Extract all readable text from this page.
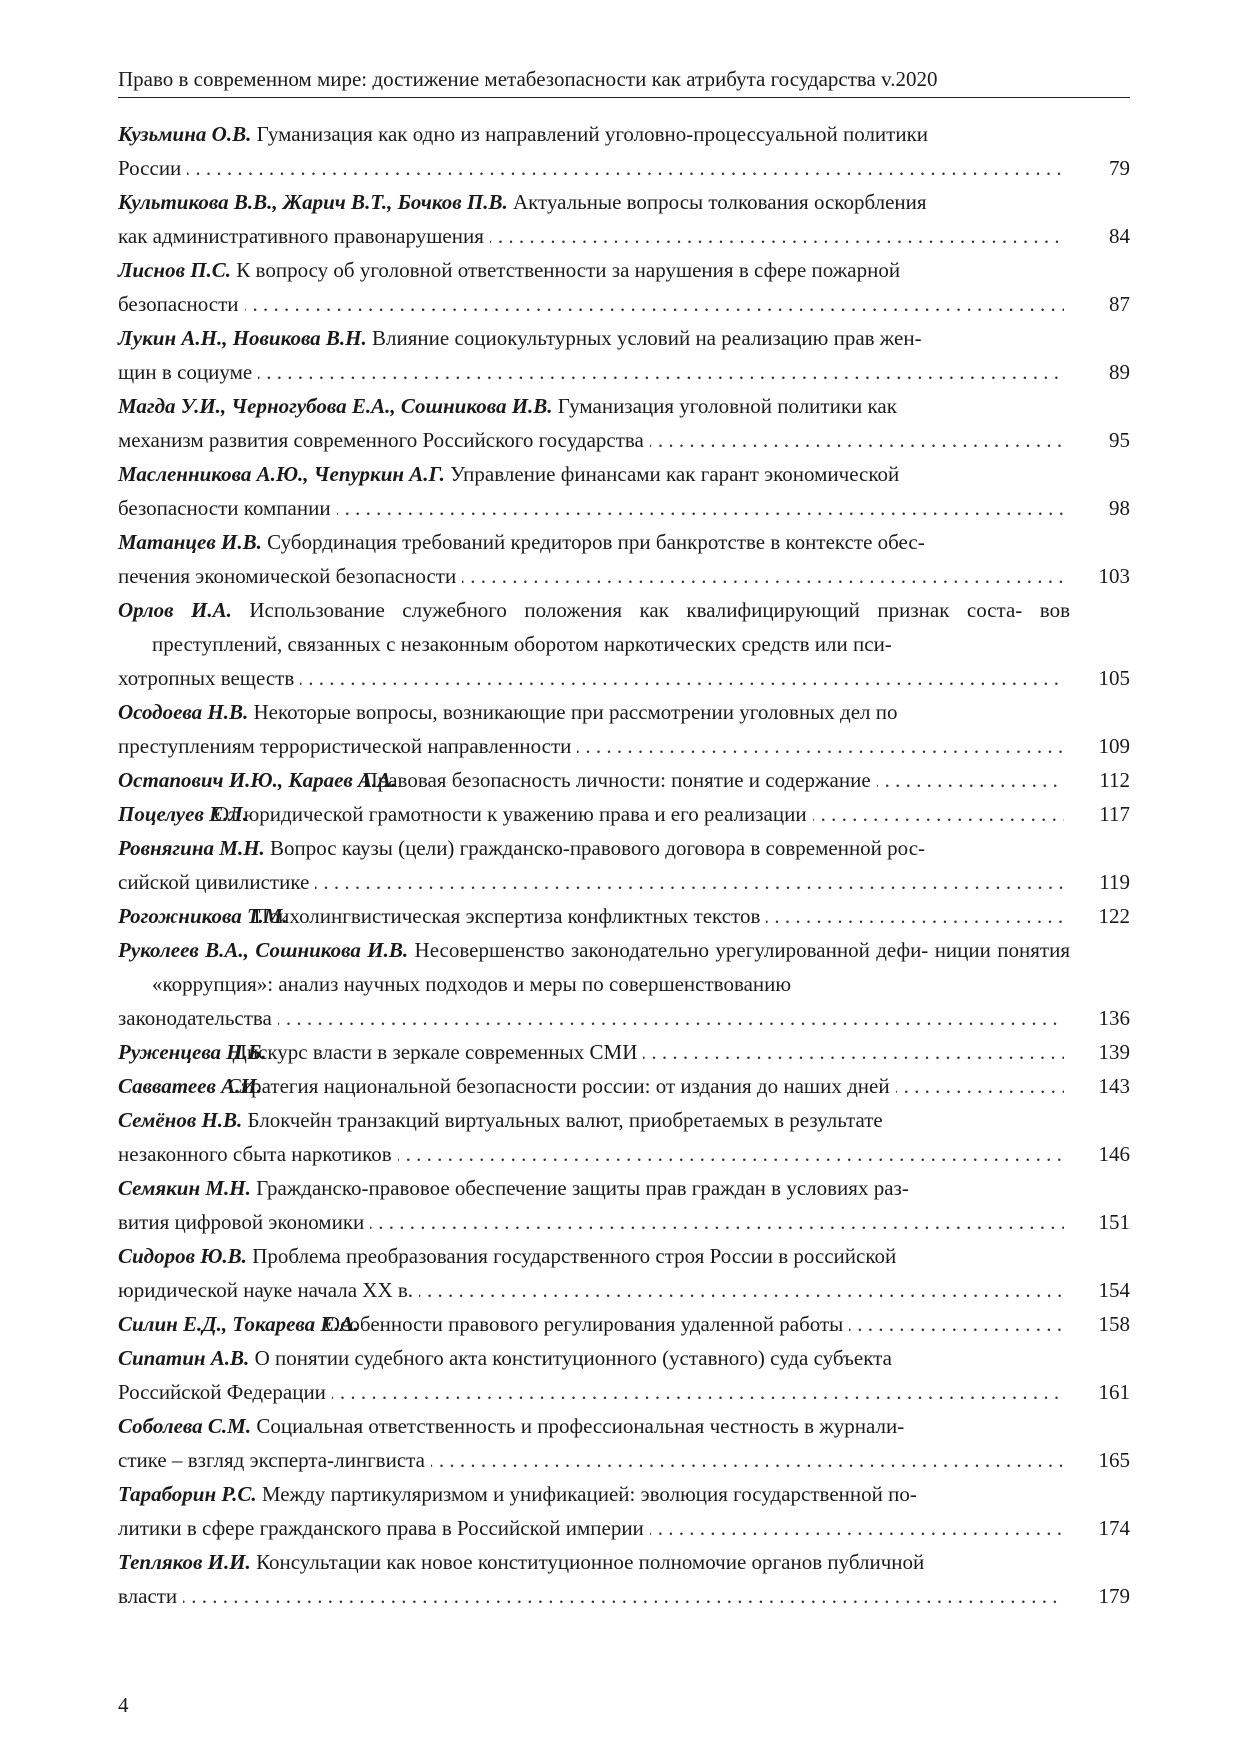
Право в современном мире: достижение метабезопасности как атрибута государства v.2020
Кузьмина О.В. Гуманизация как одно из направлений уголовно-процессуальной политики
России . . .	79
Культикова В.В., Жарич В.Т., Бочков П.В. Актуальные вопросы толкования оскорбления
как административного правонарушения . . .	84
Лиснов П.С. К вопросу об уголовной ответственности за нарушения в сфере пожарной
безопасности . . .	87
Лукин А.Н., Новикова В.Н. Влияние социокультурных условий на реализацию прав жен-
щин в социуме . . .	89
Магда У.И., Черногубова Е.А., Сошникова И.В. Гуманизация уголовной политики как
механизм развития современного Российского государства . . .	95
Масленникова А.Ю., Чепуркин А.Г. Управление финансами как гарант экономической
безопасности компании . . .	98
Матанцев И.В. Субординация требований кредиторов при банкротстве в контексте обес-
печения экономической безопасности . . .	103
Орлов И.А. Использование служебного положения как квалифицирующий признак соста- вов преступлений, связанных с незаконным оборотом наркотических средств или пси-
хотропных веществ . . .	105
Осодоева Н.В. Некоторые вопросы, возникающие при рассмотрении уголовных дел по
преступлениям террористической направленности . . .	109
Остапович И.Ю., Караев А.А.

Правовая безопасность личности: понятие и содержание . . .	112
Поцелуев Е.Л.

От юридической грамотности к уважению права и его реализации . . .	117
Ровнягина М.Н. Вопрос каузы (цели) гражданско-правового договора в современной рос-
сийской цивилистике . . .	119
Рогожникова Т.М.

Психолингвистическая экспертиза конфликтных текстов . . .	122
Руколеев В.А., Сошникова И.В. Несовершенство законодательно урегулированной дефи- ниции понятия «коррупция»: анализ научных подходов и меры по совершенствованию
законодательства . . .	136
Руженцева Н.Б.

Дискурс власти в зеркале современных СМИ . . .	139
Савватеев А.И.

Стратегия национальной безопасности россии: от издания до наших дней . . .	143
Семёнов Н.В. Блокчейн транзакций виртуальных валют, приобретаемых в результате
незаконного сбыта наркотиков . . .	146
Семякин М.Н. Гражданско-правовое обеспечение защиты прав граждан в условиях раз-
вития цифровой экономики . . .	151
Сидоров Ю.В. Проблема преобразования государственного строя России в российской
юридической науке начала XX в. . . .	154
Силин Е.Д., Токарева Е.А.

Особенности правового регулирования удаленной работы . . .	158
Сипатин А.В. О понятии судебного акта конституционного (уставного) суда субъекта
Российской Федерации . . .	161
Соболева С.М. Социальная ответственность и профессиональная честность в журнали-
стике – взгляд эксперта-лингвиста . . .	165
Тараборин Р.С. Между партикуляризмом и унификацией: эволюция государственной по-
литики в сфере гражданского права в Российской империи . . .	174
Тепляков И.И. Консультации как новое конституционное полномочие органов публичной
власти . . .	179
4
